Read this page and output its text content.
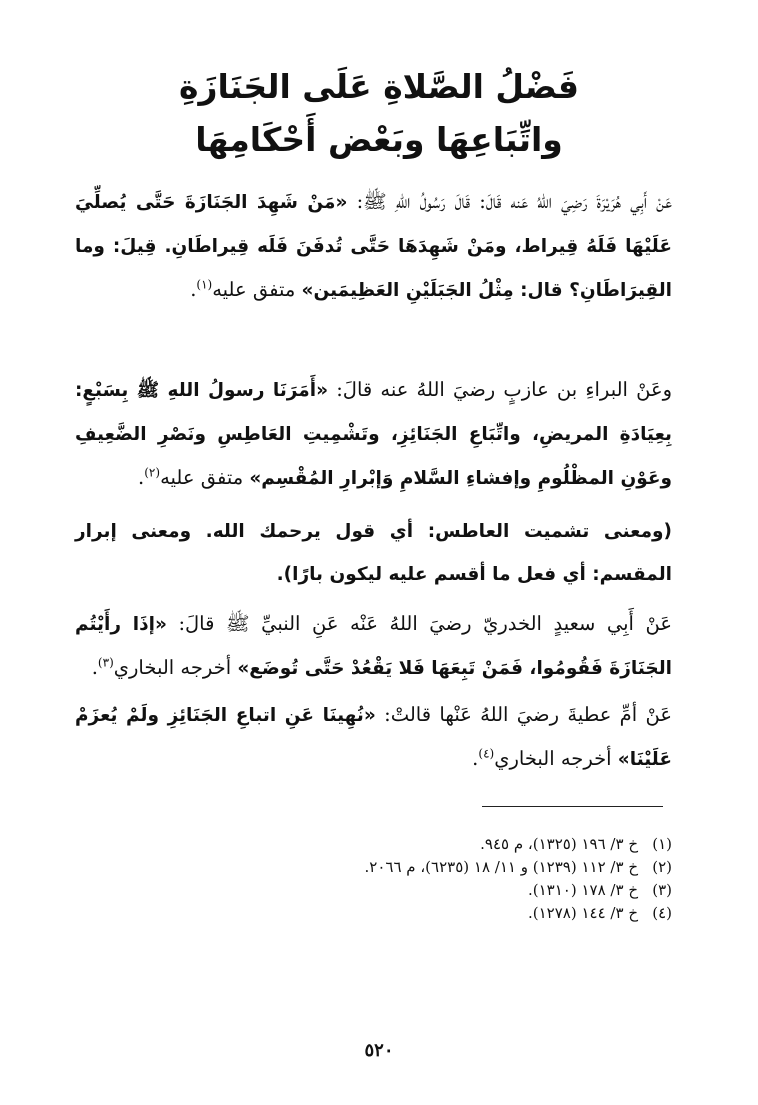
فَضْلُ الصَّلاةِ عَلَى الجَنَازَةِ
واتِّبَاعِهَا وبَعْض أَحْكَامِهَا

عَنْ أَبِي هُرَيْرَةَ رَضِيَ اللهُ عَنه قَالَ: قَالَ رَسُولُ اللهِ ﷺ: «مَنْ شَهِدَ الجَنَازَةَ حَتَّى يُصلِّيَ عَلَيْهَا فَلَهُ قِيراط، ومَنْ شَهِدَهَا حَتَّى تُدفَنَ فَلَه قِيراطَانِ. قِيلَ: وما القِيرَاطَانِ؟ قال: مِثْلُ الجَبَلَيْنِ العَظِيمَين» متفق عليه$^{(١)}$.

وعَنْ البراءِ بن عازبٍ رضيَ اللهُ عنه قالَ: «أَمَرَنَا رسولُ اللهِ ﷺ بِسَبْعٍ: بِعِيَادَةِ المريضِ، واتِّبَاعِ الجَنَائِزِ، وتَشْمِيتِ العَاطِسِ ونَصْرِ الضَّعِيفِ وعَوْنِ المظْلُومِ وإفشاءِ السَّلامِ وَإبْرارِ المُقْسِم» متفق عليه$^{(٢)}$.

(ومعنى تشميت العاطس: أي قول يرحمك الله. ومعنى إبرار المقسم: أي فعل ما أقسم عليه ليكون بارًا).

عَنْ أَبِي سعيدٍ الخدريّ رضيَ اللهُ عَنْه عَنِ النبيِّ ﷺ قالَ: «إذَا رأَيْتُم الجَنَازَةَ فَقُومُوا، فَمَنْ تَبِعَهَا فَلا يَقْعُدْ حَتَّى تُوضَع» أخرجه البخاري$^{(٣)}$.

عَنْ أمِّ عطيةَ رضيَ اللهُ عَنْها قالتْ: «نُهِينَا عَنِ اتباعِ الجَنَائِزِ ولَمْ يُعزَمْ عَلَيْنَا» أخرجه البخاري$^{(٤)}$.

(١)
خ ٣/ ١٩٦ (١٣٢٥)، م ٩٤٥.
(٢)
خ ٣/ ١١٢ (١٢٣٩) و ١١/ ١٨ (٦٢٣٥)، م ٢٠٦٦.
(٣)
خ ٣/ ١٧٨ (١٣١٠).
(٤)
خ ٣/ ١٤٤ (١٢٧٨).
٥٢٠
